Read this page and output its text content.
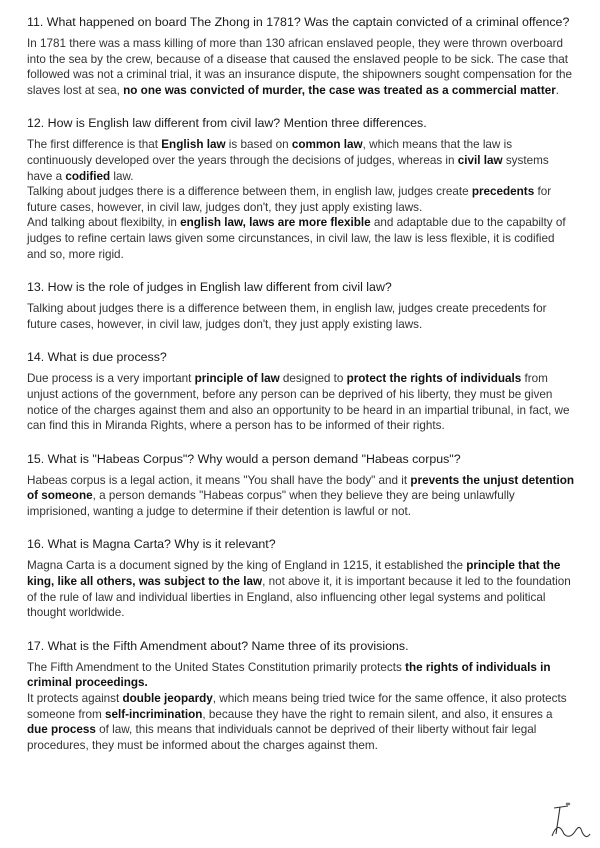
11. What happened on board The Zhong in 1781? Was the captain convicted of a criminal offence?

In 1781 there was a mass killing of more than 130 african enslaved people, they were thrown overboard into the sea by the crew, because of a disease that caused the enslaved people to be sick. The case that followed was not a criminal trial, it was an insurance dispute, the shipowners sought compensation for the slaves lost at sea, no one was convicted of murder, the case was treated as a commercial matter.

12. How is English law different from civil law? Mention three differences.

The first difference is that English law is based on common law, which means that the law is continuously developed over the years through the decisions of judges, whereas in civil law systems have a codified law.

Talking about judges there is a difference between them, in english law, judges create precedents for future cases, however, in civil law, judges don't, they just apply existing laws.

And talking about flexibilty, in english law, laws are more flexible and adaptable due to the capabilty of judges to refine certain laws given some circunstances, in civil law, the law is less flexible, it is codified and so, more rigid.

13. How is the role of judges in English law different from civil law?

Talking about judges there is a difference between them, in english law, judges create precedents for future cases, however, in civil law, judges don't, they just apply existing laws.

14. What is due process?

Due process is a very important principle of law designed to protect the rights of individuals from unjust actions of the government, before any person can be deprived of his liberty, they must be given notice of the charges against them and also an opportunity to be heard in an impartial tribunal, in fact, we can find this in Miranda Rights, where a person has to be informed of their rights.

15. What is "Habeas Corpus"? Why would a person demand "Habeas corpus"?

Habeas corpus is a legal action, it means "You shall have the body" and it prevents the unjust detention of someone, a person demands "Habeas corpus" when they believe they are being unlawfully imprisioned, wanting a judge to determine if their detention is lawful or not.

16. What is Magna Carta? Why is it relevant?

Magna Carta is a document signed by the king of England in 1215, it established the principle that the king, like all others, was subject to the law, not above it, it is important because it led to the foundation of the rule of law and individual liberties in England, also influencing other legal systems and political thought worldwide.

17. What is the Fifth Amendment about? Name three of its provisions.

The Fifth Amendment to the United States Constitution primarily protects the rights of individuals in criminal proceedings.

It protects against double jeopardy, which means being tried twice for the same offence, it also protects someone from self-incrimination, because they have the right to remain silent, and also, it ensures a due process of law, this means that individuals cannot be deprived of their liberty without fair legal procedures, they must be informed about the charges against them.
